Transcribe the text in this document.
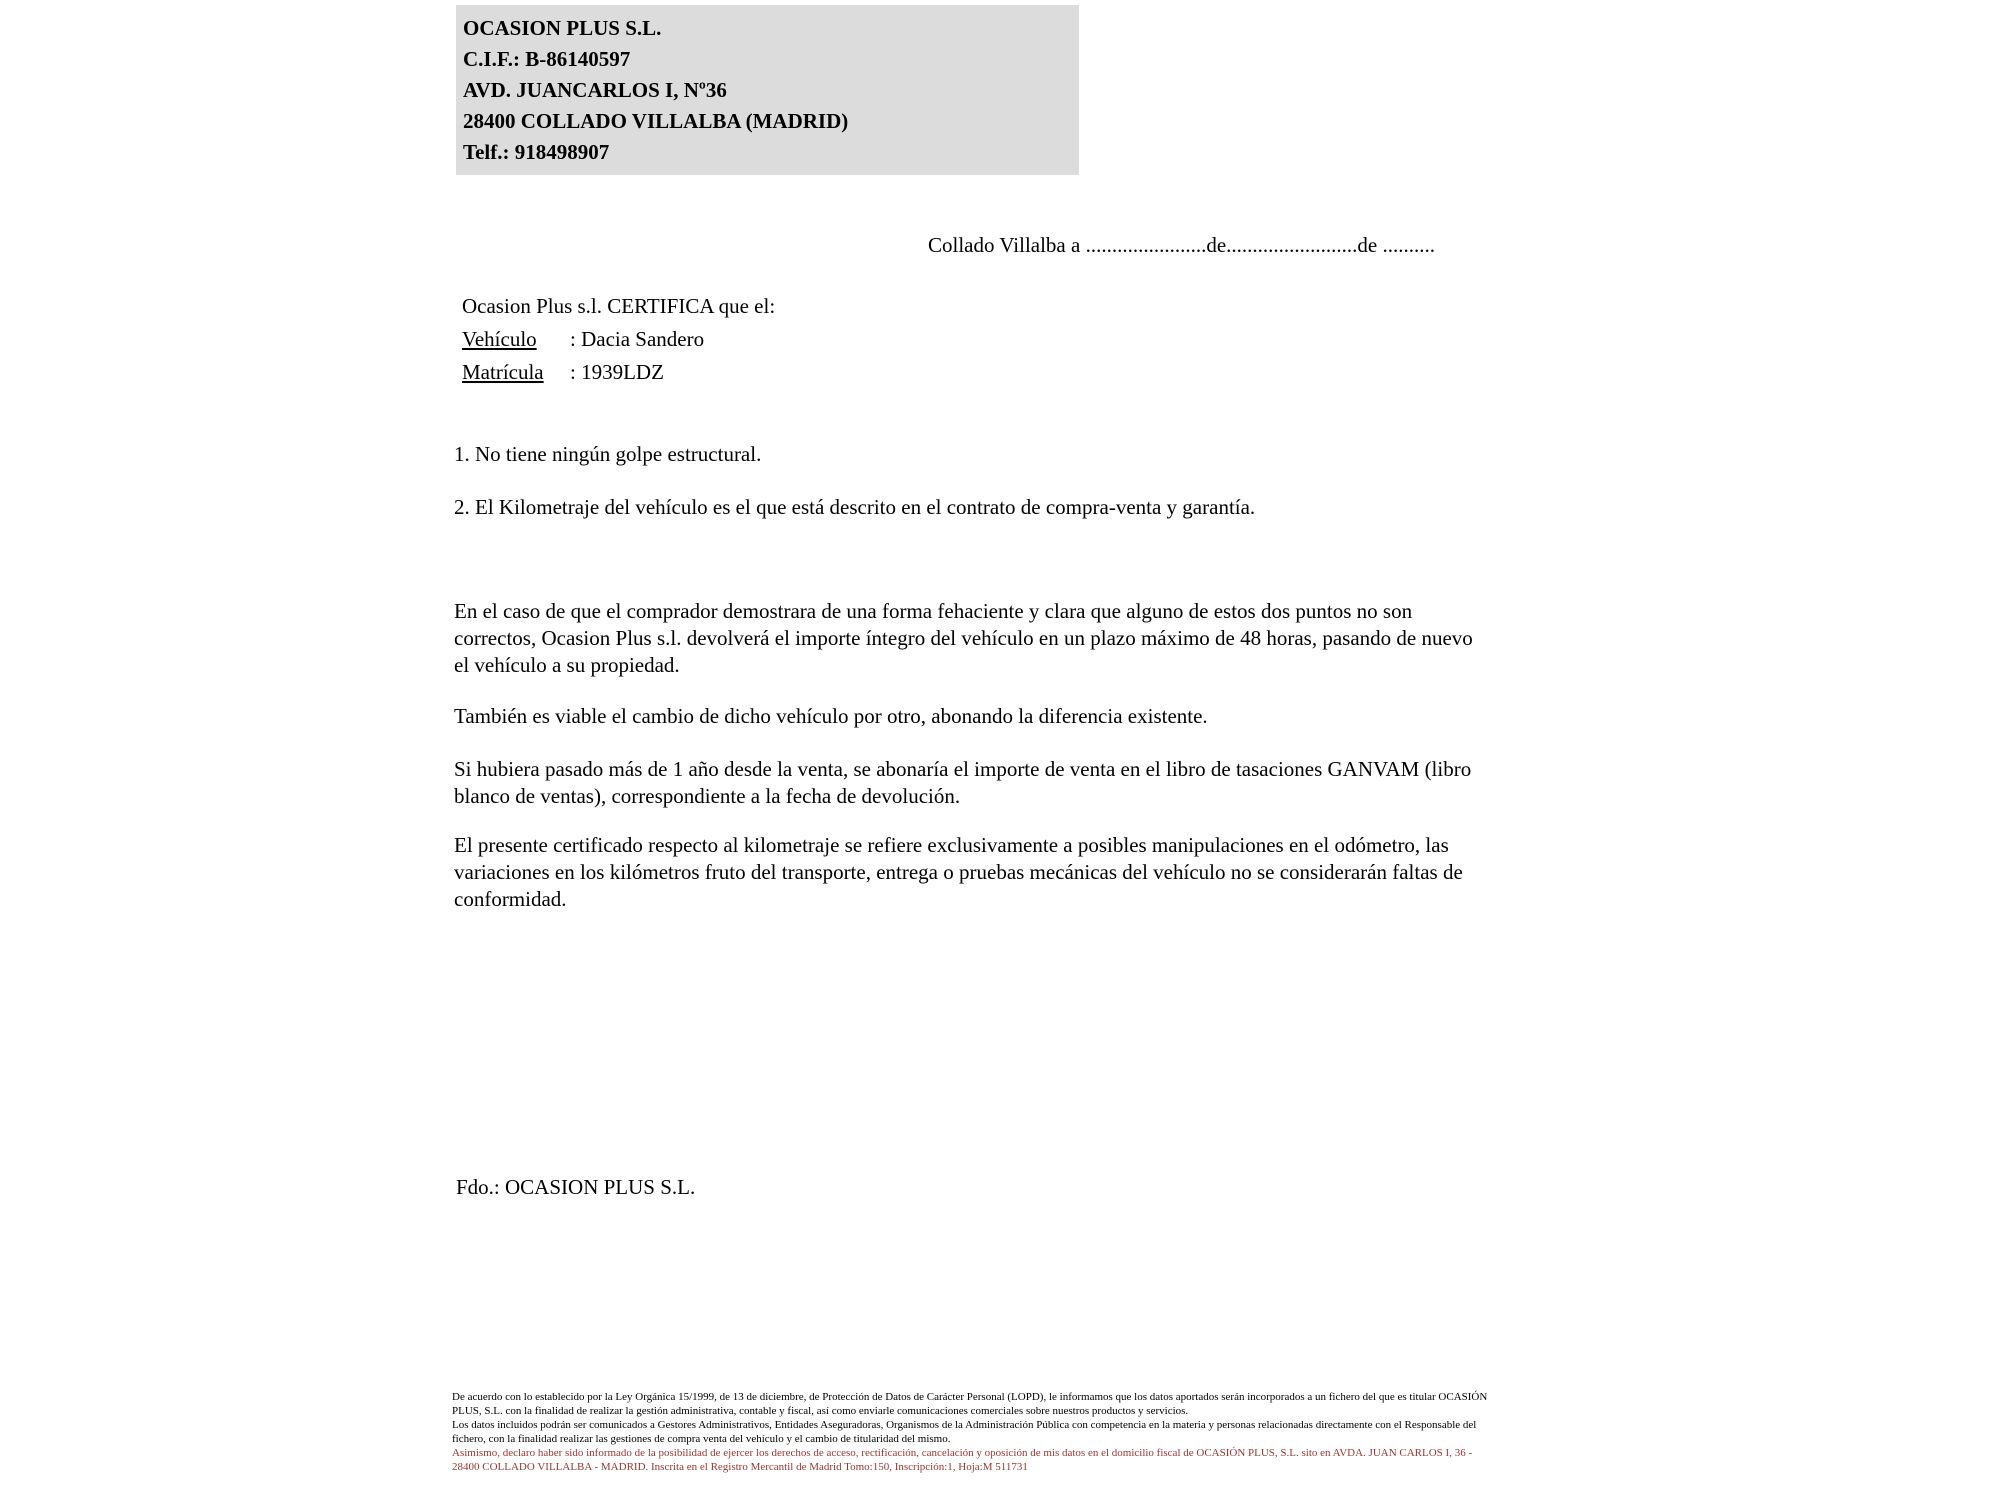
OCASION PLUS S.L.
C.I.F.: B-86140597
AVD. JUANCARLOS I, Nº36
28400 COLLADO VILLALBA (MADRID)
Telf.: 918498907
Collado Villalba a .......................de.........................de ..........
Ocasion Plus s.l. CERTIFICA que el:
Vehículo : Dacia Sandero
Matrícula : 1939LDZ
1. No tiene ningún golpe estructural.
2. El Kilometraje del vehículo es el que está descrito en el contrato de compra-venta y garantía.
En el caso de que el comprador demostrara de una forma fehaciente y clara que alguno de estos dos puntos no son correctos, Ocasion Plus s.l. devolverá el importe íntegro del vehículo en un plazo máximo de 48 horas, pasando de nuevo el vehículo a su propiedad.
También es viable el cambio de dicho vehículo por otro, abonando la diferencia existente.
Si hubiera pasado más de 1 año desde la venta, se abonaría el importe de venta en el libro de tasaciones GANVAM (libro blanco de ventas), correspondiente a la fecha de devolución.
El presente certificado respecto al kilometraje se refiere exclusivamente a posibles manipulaciones en el odómetro, las variaciones en los kilómetros fruto del transporte, entrega o pruebas mecánicas del vehículo no se considerarán faltas de conformidad.
Fdo.: OCASION PLUS S.L.

De acuerdo con lo establecido por la Ley Orgánica 15/1999, de 13 de diciembre, de Protección de Datos de Carácter Personal (LOPD), le informamos que los datos aportados serán incorporados a un fichero del que es titular OCASIÓN PLUS, S.L. con la finalidad de realizar la gestión administrativa, contable y fiscal, así como enviarle comunicaciones comerciales sobre nuestros productos y servicios.

Los datos incluidos podrán ser comunicados a Gestores Administrativos, Entidades Aseguradoras, Organismos de la Administración Pública con competencia en la materia y personas relacionadas directamente con el Responsable del fichero, con la finalidad realizar las gestiones de compra venta del vehículo y el cambio de titularidad del mismo.

Asimismo, declaro haber sido informado de la posibilidad de ejercer los derechos de acceso, rectificación, cancelación y oposición de mis datos en el domicilio fiscal de OCASIÓN PLUS, S.L. sito en AVDA. JUAN CARLOS I, 36 - 28400 COLLADO VILLALBA - MADRID. Inscrita en el Registro Mercantil de Madrid Tomo:150, Inscripción:1, Hoja:M 511731
